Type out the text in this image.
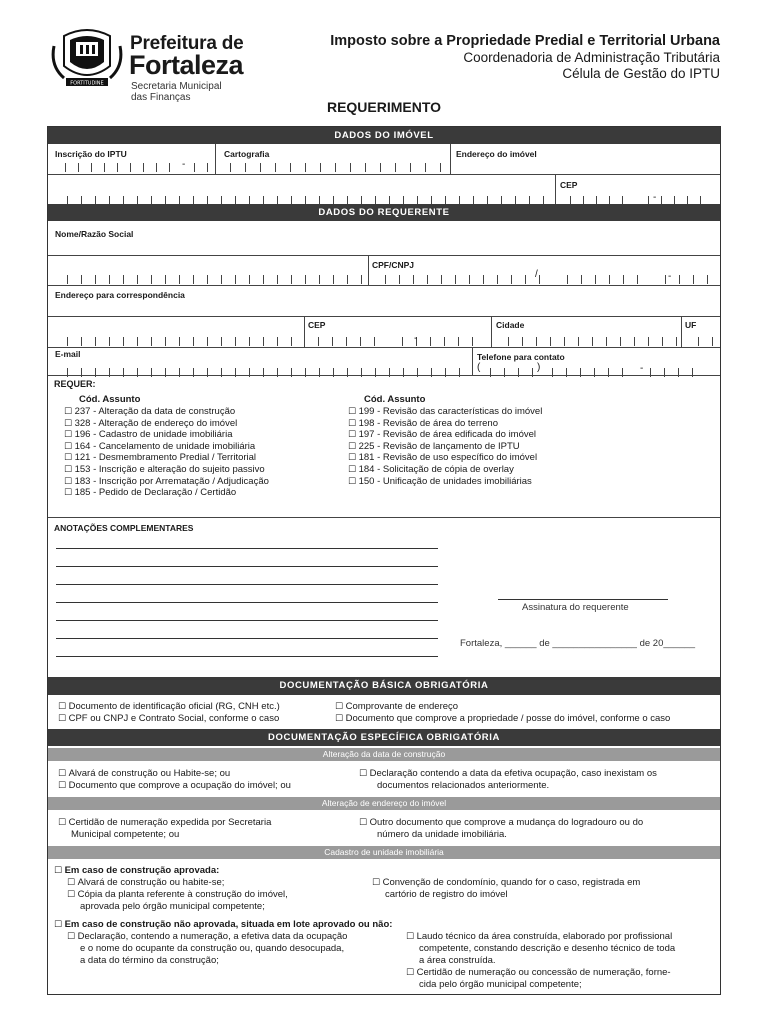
FORTITUDINE
Prefeitura de
Fortaleza
Secretaria Municipal
das Finanças
Imposto sobre a Propriedade Predial e Territorial Urbana
Coordenadoria de Administração Tributária
Célula de Gestão do IPTU
REQUERIMENTO
DADOS DO IMÓVEL
Inscrição do IPTU	Cartografia	Endereço do imóvel
-
CEP
-
DADOS DO REQUERENTE
Nome/Razão Social
CPF/CNPJ
/	-
Endereço para correspondência
CEP
-
Cidade	UF
E-mail	Telefone para contato
(	)	-
REQUER:
Cód. Assunto	Cód. Assunto
☐ 237 - Alteração da data de construção
☐ 328 - Alteração de endereço do imóvel
☐ 196 - Cadastro de unidade imobiliária
☐ 164 - Cancelamento de unidade imobiliária
☐ 121 - Desmembramento Predial / Territorial
☐ 153 - Inscrição e alteração do sujeito passivo
☐ 183 - Inscrição por Arrematação / Adjudicação
☐ 185 - Pedido de Declaração / Certidão
☐ 199 - Revisão das características do imóvel
☐ 198 - Revisão de área do terreno
☐ 197 - Revisão de área edificada do imóvel
☐ 225 - Revisão de lançamento de IPTU
☐ 181 - Revisão de uso específico do imóvel
☐ 184 - Solicitação de cópia de overlay
☐ 150 - Unificação de unidades imobiliárias
ANOTAÇÕES COMPLEMENTARES
Assinatura do requerente
Fortaleza, ______ de ________________ de 20______
DOCUMENTAÇÃO BÁSICA OBRIGATÓRIA
☐ Documento de identificação oficial (RG, CNH etc.)
☐ CPF ou CNPJ e Contrato Social, conforme o caso
☐ Comprovante de endereço
☐ Documento que comprove a propriedade / posse do imóvel, conforme o caso
DOCUMENTAÇÃO ESPECÍFICA OBRIGATÓRIA
Alteração da data de construção
☐ Alvará de construção ou Habite-se; ou
☐ Documento que comprove a ocupação do imóvel; ou
☐ Declaração contendo a data da efetiva ocupação, caso inexistam os
documentos relacionados anteriormente.
Alteração de endereço do imóvel
☐ Certidão de numeração expedida por Secretaria
Municipal competente; ou
☐ Outro documento que comprove a mudança do logradouro ou do
número da unidade imobiliária.
Cadastro de unidade imobiliária
☐ Em caso de construção aprovada:
☐ Alvará de construção ou habite-se;
☐ Cópia da planta referente à construção do imóvel,
aprovada pelo órgão municipal competente;
☐ Convenção de condomínio, quando for o caso, registrada em
cartório de registro do imóvel
☐ Em caso de construção não aprovada, situada em lote aprovado ou não:
☐ Declaração, contendo a numeração, a efetiva data da ocupação
e o nome do ocupante da construção ou, quando desocupada,
a data do término da construção;
☐ Laudo técnico da área construída, elaborado por profissional
competente, constando descrição e desenho técnico de toda
a área construída.
☐ Certidão de numeração ou concessão de numeração, forne-
cida pelo órgão municipal competente;
